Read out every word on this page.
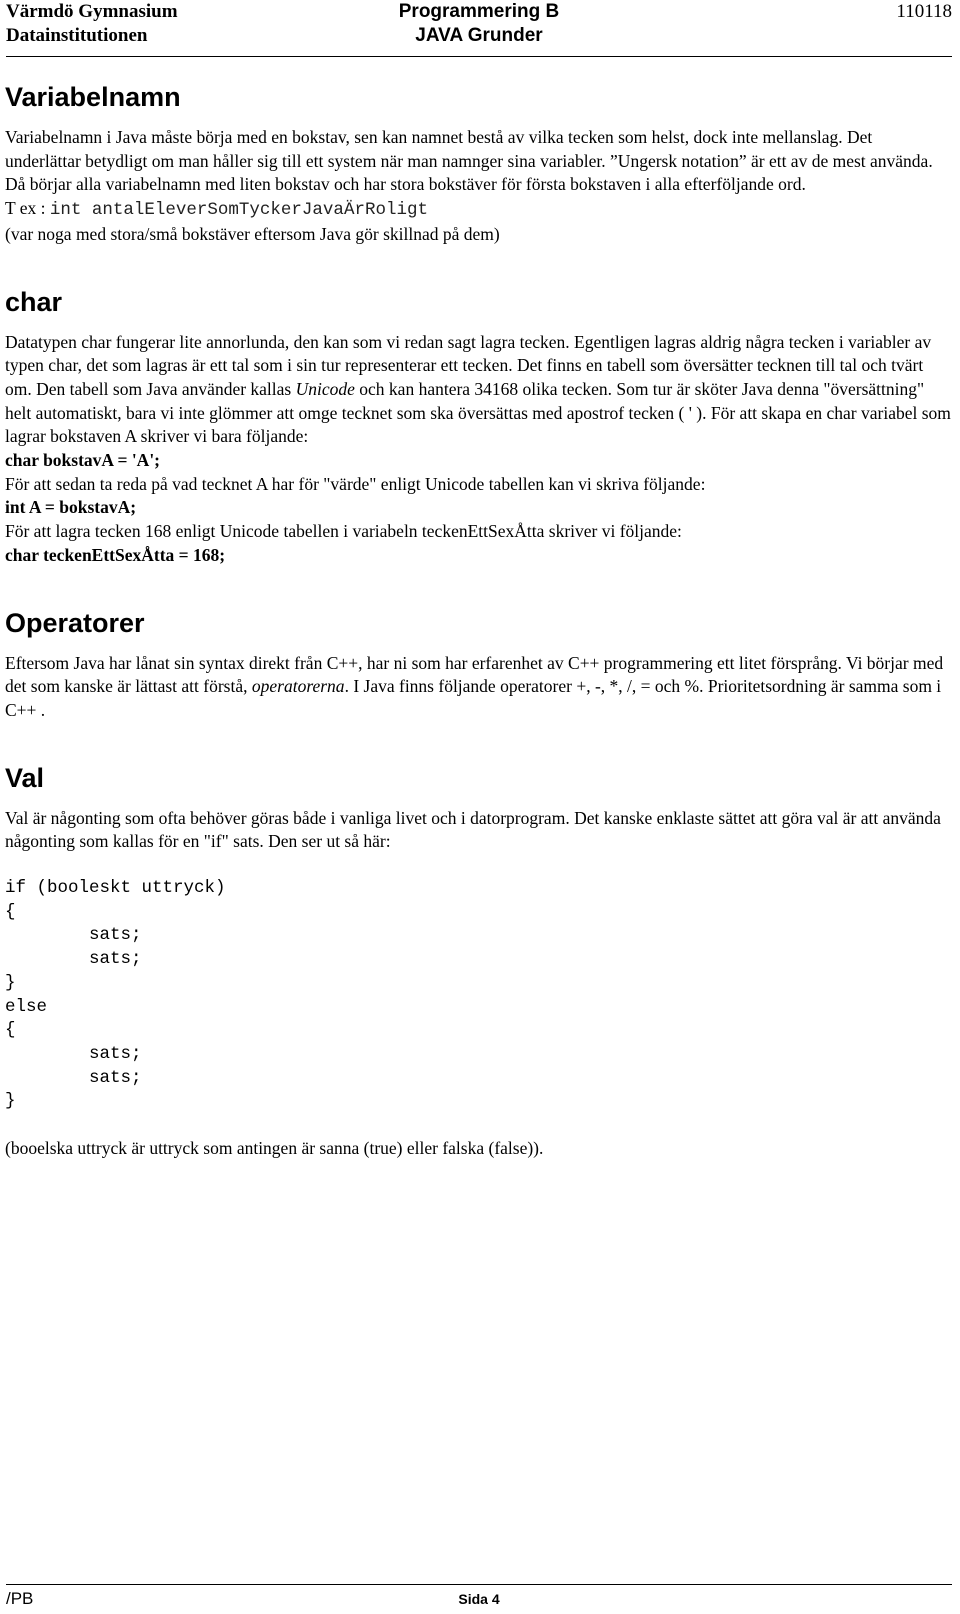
Värmdö Gymnasium
Datainstitutionen
Programmering B
JAVA Grunder
110118
Variabelnamn

Variabelnamn i Java måste börja med en bokstav, sen kan namnet bestå av vilka tecken som helst, dock inte mellanslag. Det underlättar betydligt om man håller sig till ett system när man namnger sina variabler. ”Ungersk notation” är ett av de mest använda. Då börjar alla variabelnamn med liten bokstav och har stora bokstäver för första bokstaven i alla efterföljande ord.

T ex : int antalEleverSomTyckerJavaÄrRoligt

(var noga med stora/små bokstäver eftersom Java gör skillnad på dem)

char

Datatypen char fungerar lite annorlunda, den kan som vi redan sagt lagra tecken. Egentligen lagras aldrig några tecken i variabler av typen char, det som lagras är ett tal som i sin tur representerar ett tecken. Det finns en tabell som översätter tecknen till tal och tvärt om. Den tabell som Java använder kallas Unicode och kan hantera 34168 olika tecken. Som tur är sköter Java denna "översättning" helt automatiskt, bara vi inte glömmer att omge tecknet som ska översättas med apostrof tecken ( ' ). För att skapa en char variabel som lagrar bokstaven A skriver vi bara följande:

char bokstavA = 'A';

För att sedan ta reda på vad tecknet A har för "värde" enligt Unicode tabellen kan vi skriva följande:

int A = bokstavA;

För att lagra tecken 168 enligt Unicode tabellen i variabeln teckenEttSexÅtta skriver vi följande:

char teckenEttSexÅtta = 168;

Operatorer

Eftersom Java har lånat sin syntax direkt från C++, har ni som har erfarenhet av C++ programmering ett litet försprång. Vi börjar med det som kanske är lättast att förstå, operatorerna. I Java finns följande operatorer +, -, *, /, = och %. Prioritetsordning är samma som i C++ .

Val

Val är någonting som ofta behöver göras både i vanliga livet och i datorprogram. Det kanske enklaste sättet att göra val är att använda någonting som kallas för en "if" sats. Den ser ut så här:

if (booleskt uttryck)
{
sats;
sats;
}
else
{
sats;
sats;
}

(booelska uttryck är uttryck som antingen är sanna (true) eller falska (false)).

/PB	Sida 4
